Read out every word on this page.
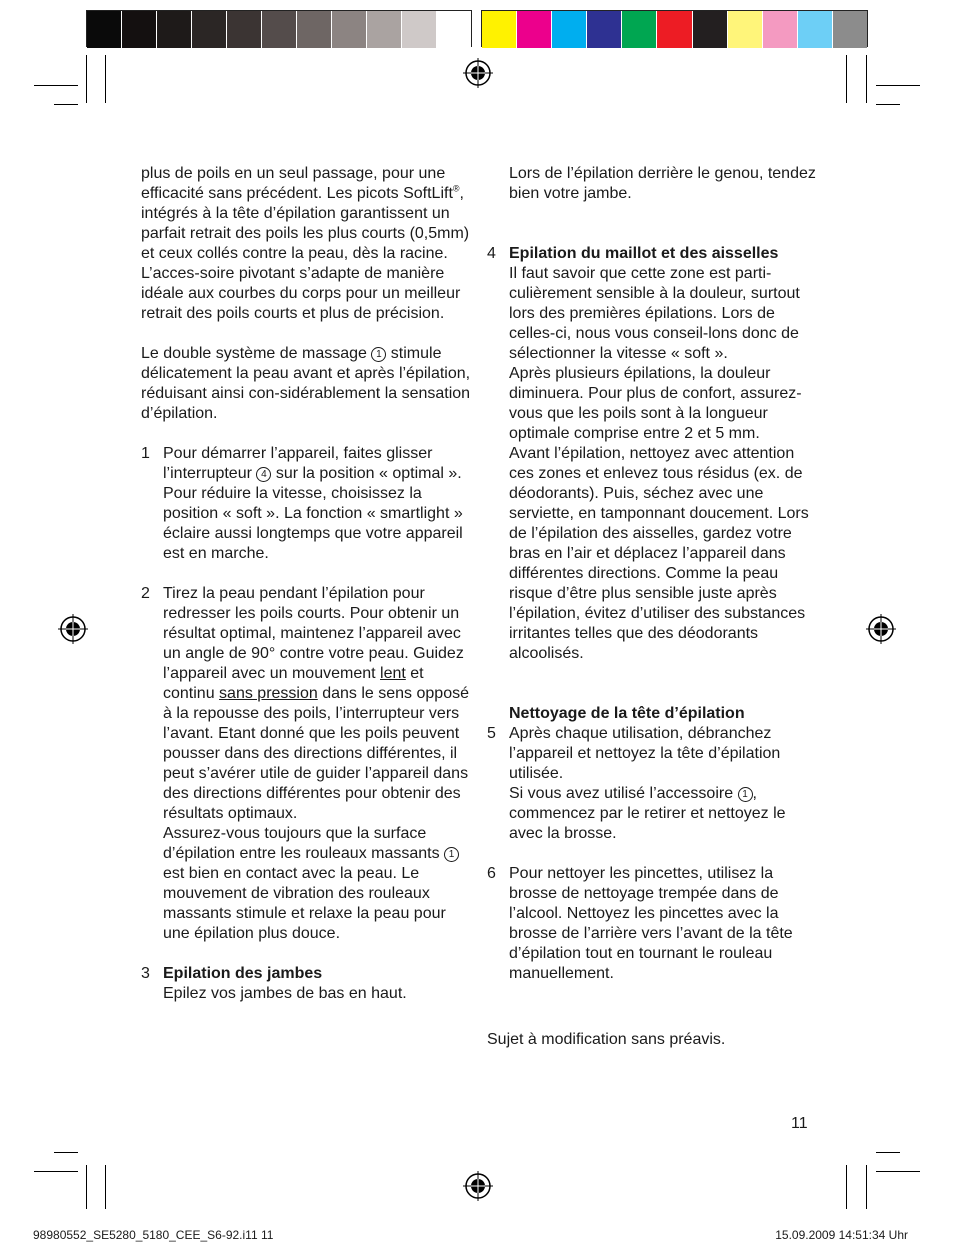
plus de poils en un seul passage, pour une efficacité sans précédent. Les picots SoftLift®, intégrés à la tête d’épilation garantissent un parfait retrait des poils les plus courts (0,5mm) et ceux collés contre la peau, dès la racine. L’acces-soire pivotant s’adapte de manière idéale aux courbes du corps pour un meilleur retrait des poils courts et plus de précision.

Le double système de massage 1 stimule délicatement la peau avant et après l’épilation, réduisant ainsi con-sidérablement la sensation d’épilation.

1 Pour démarrer l’appareil, faites glisser l’interrupteur 4 sur la position « optimal ». Pour réduire la vitesse, choisissez la position « soft ». La fonction « smartlight » éclaire aussi longtemps que votre appareil est en marche.

2 Tirez la peau pendant l’épilation pour redresser les poils courts. Pour obtenir un résultat optimal, maintenez l’appareil avec un angle de 90° contre votre peau. Guidez l’appareil avec un mouvement lent et continu sans pression dans le sens opposé à la repousse des poils, l’interrupteur vers l’avant. Etant donné que les poils peuvent pousser dans des directions différentes, il peut s’avérer utile de guider l’appareil dans des directions différentes pour obtenir des résultats optimaux.

Assurez-vous toujours que la surface d’épilation entre les rouleaux massants 1 est bien en contact avec la peau. Le mouvement de vibration des rouleaux massants stimule et relaxe la peau pour une épilation plus douce.

3 Epilation des jambes

Epilez vos jambes de bas en haut.

Lors de l’épilation derrière le genou, tendez bien votre jambe.

4 Epilation du maillot et des aisselles

Il faut savoir que cette zone est parti-culièrement sensible à la douleur, surtout lors des premières épilations. Lors de celles-ci, nous vous conseil-lons donc de sélectionner la vitesse « soft ».

Après plusieurs épilations, la douleur diminuera. Pour plus de confort, assurez-vous que les poils sont à la longueur optimale comprise entre 2 et 5 mm.

Avant l’épilation, nettoyez avec attention ces zones et enlevez tous résidus (ex. de déodorants). Puis, séchez avec une serviette, en tamponnant doucement. Lors de l’épilation des aisselles, gardez votre bras en l’air et déplacez l’appareil dans différentes directions. Comme la peau risque d’être plus sensible juste après l’épilation, évitez d’utiliser des substances irritantes telles que des déodorants alcoolisés.

Nettoyage de la tête d’épilation

5 Après chaque utilisation, débranchez l’appareil et nettoyez la tête d’épilation utilisée.

Si vous avez utilisé l’accessoire 1 , commencez par le retirer et nettoyez le avec la brosse.

6 Pour nettoyer les pincettes, utilisez la brosse de nettoyage trempée dans de l’alcool. Nettoyez les pincettes avec la brosse de l’arrière vers l’avant de la tête d’épilation tout en tournant le rouleau manuellement.

Sujet à modification sans préavis.

11
98980552_SE5280_5180_CEE_S6-92.i11 11	15.09.2009 14:51:34 Uhr
